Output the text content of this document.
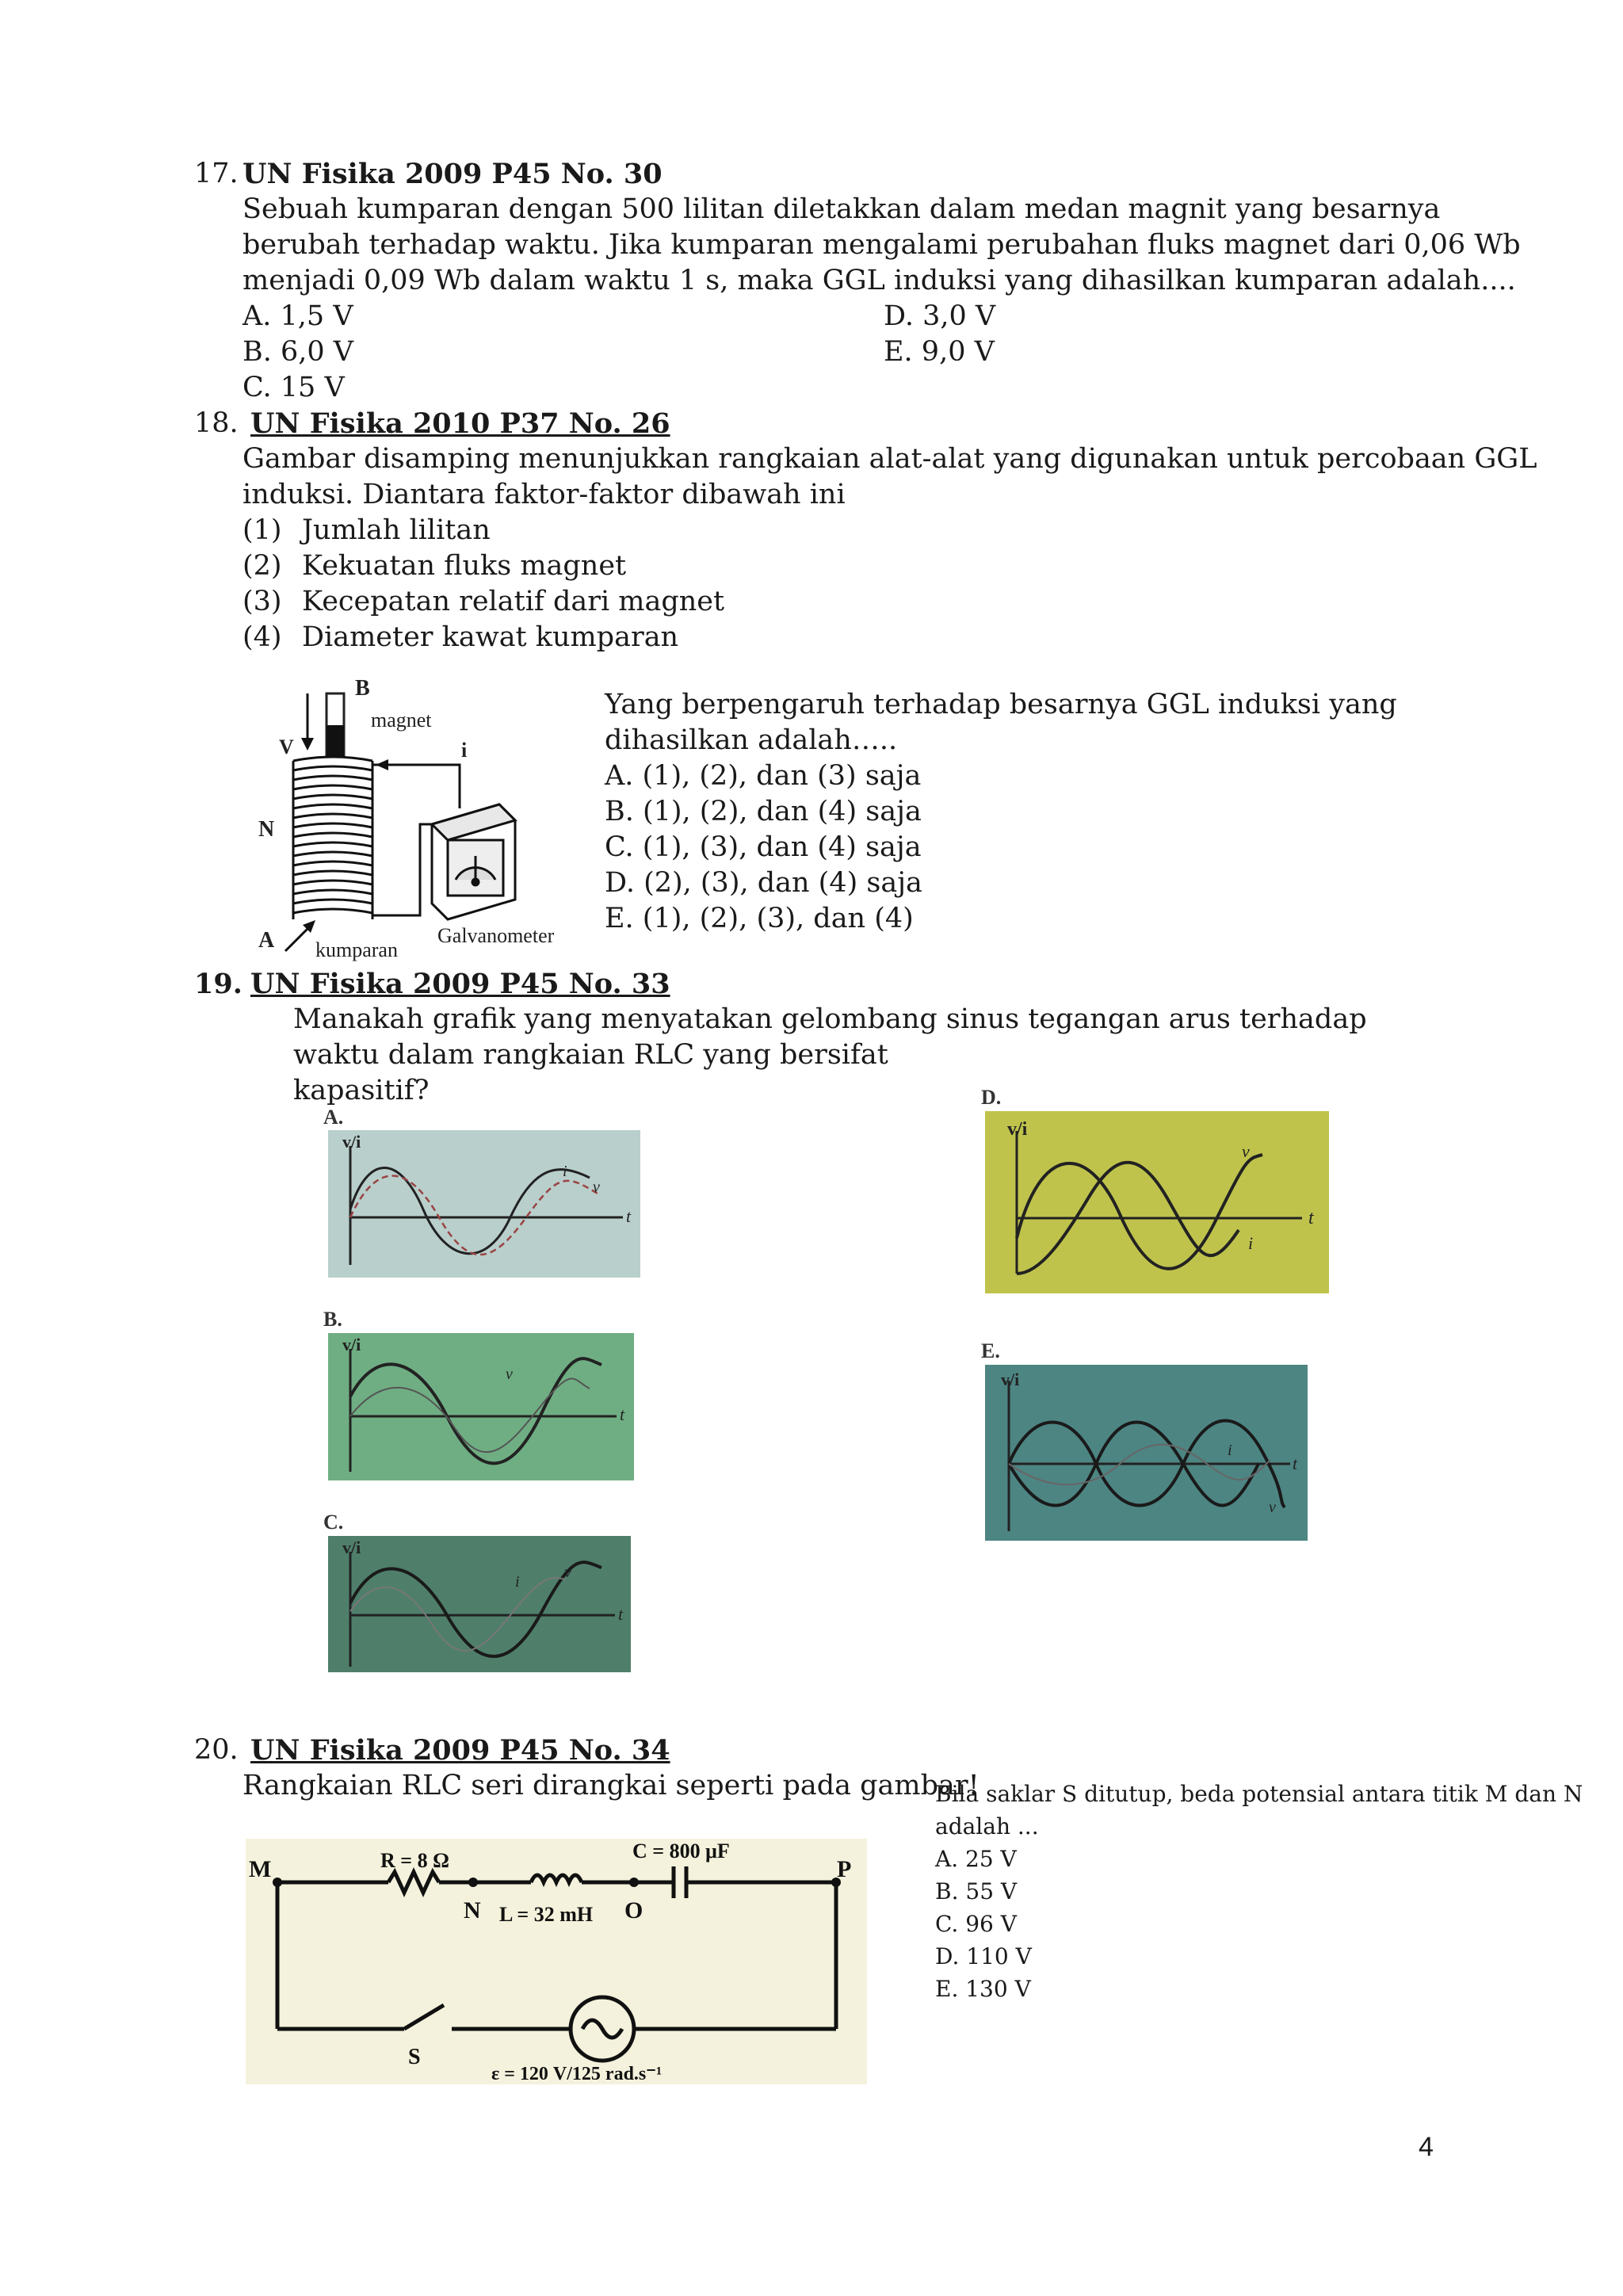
17. UN Fisika 2009 P45 No. 30
Sebuah kumparan dengan 500 lilitan diletakkan dalam medan magnit yang besarnya
berubah terhadap waktu. Jika kumparan mengalami perubahan fluks magnet dari 0,06 Wb
menjadi 0,09 Wb dalam waktu 1 s, maka GGL induksi yang dihasilkan kumparan adalah....
A. 1,5 V
B. 6,0 V
C. 15 V
D. 3,0 V
E. 9,0 V
18. UN Fisika 2010 P37 No. 26
Gambar disamping menunjukkan rangkaian alat-alat yang digunakan untuk percobaan GGL
induksi. Diantara faktor-faktor dibawah ini
(1) Jumlah lilitan
(2) Kekuatan fluks magnet
(3) Kecepatan relatif dari magnet
(4) Diameter kawat kumparan
Yang berpengaruh terhadap besarnya GGL induksi yang
dihasilkan adalah…..
A. (1), (2), dan (3) saja
B. (1), (2), dan (4) saja
C. (1), (3), dan (4) saja
D. (2), (3), dan (4) saja
E. (1), (2), (3), dan (4)
B
magnet
V	i
N
A kumparan
Galvanometer
19. UN Fisika 2009 P45 No. 33
Manakah grafik yang menyatakan gelombang sinus tegangan arus terhadap
waktu dalam rangkaian RLC yang bersifat
kapasitif?
A.
v/i
t
i
v
B.
v/i
t
v
C.
v/i
t
i
v
D.
v/i
t
i
v
E.
v/i
t
i
v
20. UN Fisika 2009 P45 No. 34
Rangkaian RLC seri dirangkai seperti pada gambar!
Bila saklar S ditutup, beda potensial antara titik M dan N
adalah ...
A. 25 V
B. 55 V
C. 96 V
D. 110 V
E. 130 V
M	R = 8 Ω
N L = 32 mH O
C = 800 μF
P
S
ε = 120 V/125 rad.s⁻¹
4
